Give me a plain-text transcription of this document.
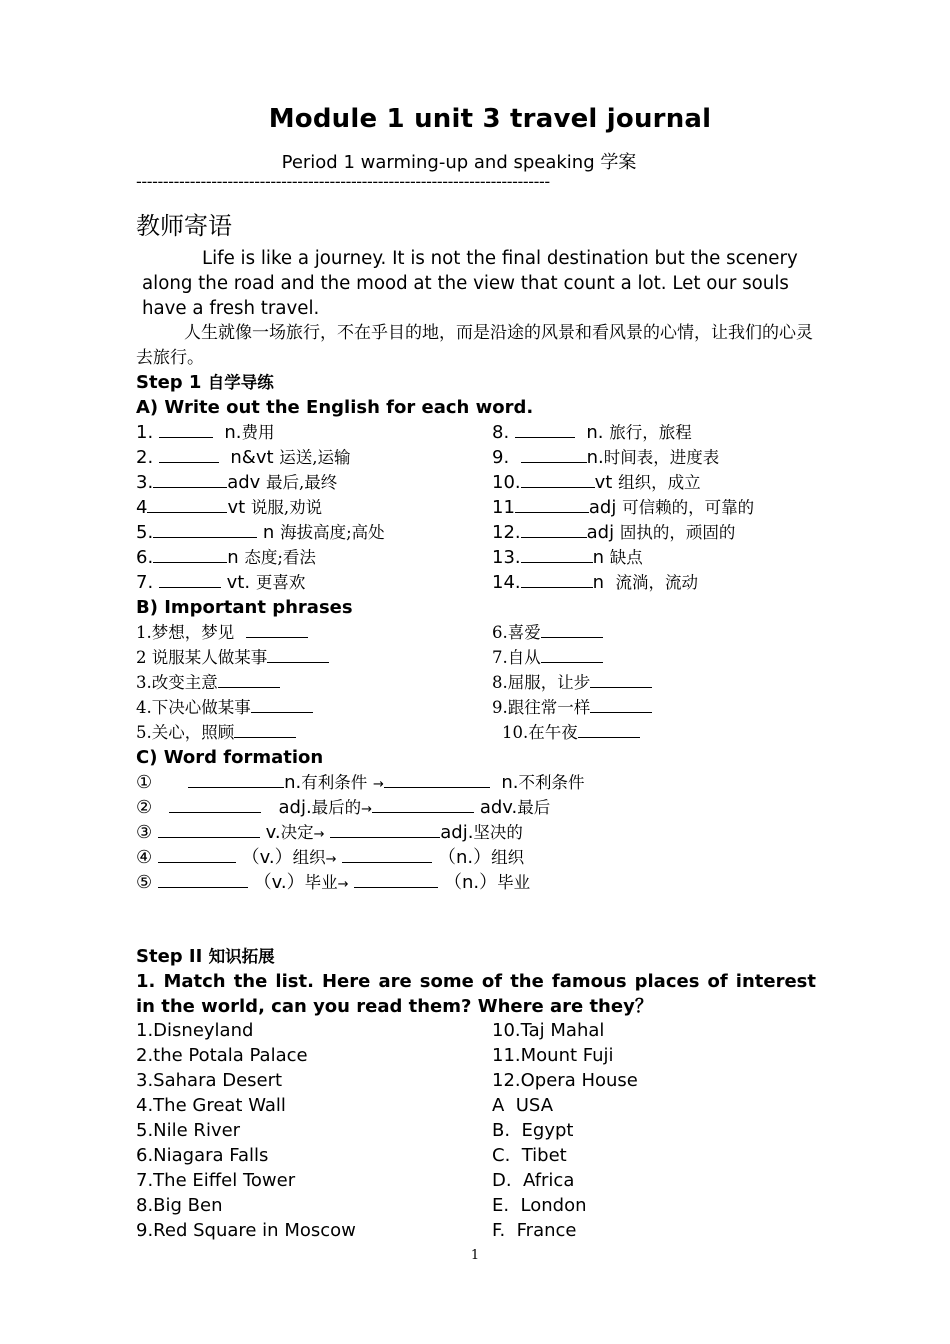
Module 1 unit 3 travel journal
Period 1 warming-up and speaking 学案
-----------------------------------------------------------------------------
教师寄语
Life is like a journey. It is not the final destination but the scenery along the road and the mood at the view that count a lot. Let our souls have a fresh travel.
人生就像一场旅行，不在乎目的地，而是沿途的风景和看风景的心情，让我们的心灵去旅行。
Step 1 自学导练
A) Write out the English for each word.
1.	n.费用
2.	n&vt 运送,运输
3.	adv 最后,最终
4	vt 说服,劝说
5.	n 海拔高度;高处
6.	n 态度;看法
7.	vt. 更喜欢
8.	n. 旅行，旅程
9.	n.时间表，进度表
10.	vt 组织，成立
11	adj 可信赖的，可靠的
12.	adj 固执的，顽固的
13.	n 缺点
14.	n 流淌，流动
B) Important phrases
1.梦想，梦见
2 说服某人做某事
3.改变主意
4.下决心做某事
5.关心，照顾
6.喜爱
7.自从
8.屈服，让步
9.跟往常一样
10.在午夜
C) Word formation
①	n.有利条件 →	n.不利条件
②	adj.最后的→	adv.最后
③	v.决定→	adj.坚决的
④	（v.）组织→	（n.）组织
⑤	（v.）毕业→	（n.）毕业
Step II 知识拓展
1. Match the list. Here are some of the famous places of interest in the world, can you read them? Where are they？
1.Disneyland
2.the Potala Palace
3.Sahara Desert
4.The Great Wall
5.Nile River
6.Niagara Falls
7.The Eiffel Tower
8.Big Ben
9.Red Square in Moscow
10.Taj Mahal
11.Mount Fuji
12.Opera House
A  USA
B.  Egypt
C.  Tibet
D.  Africa
E.  London
F.  France
1
